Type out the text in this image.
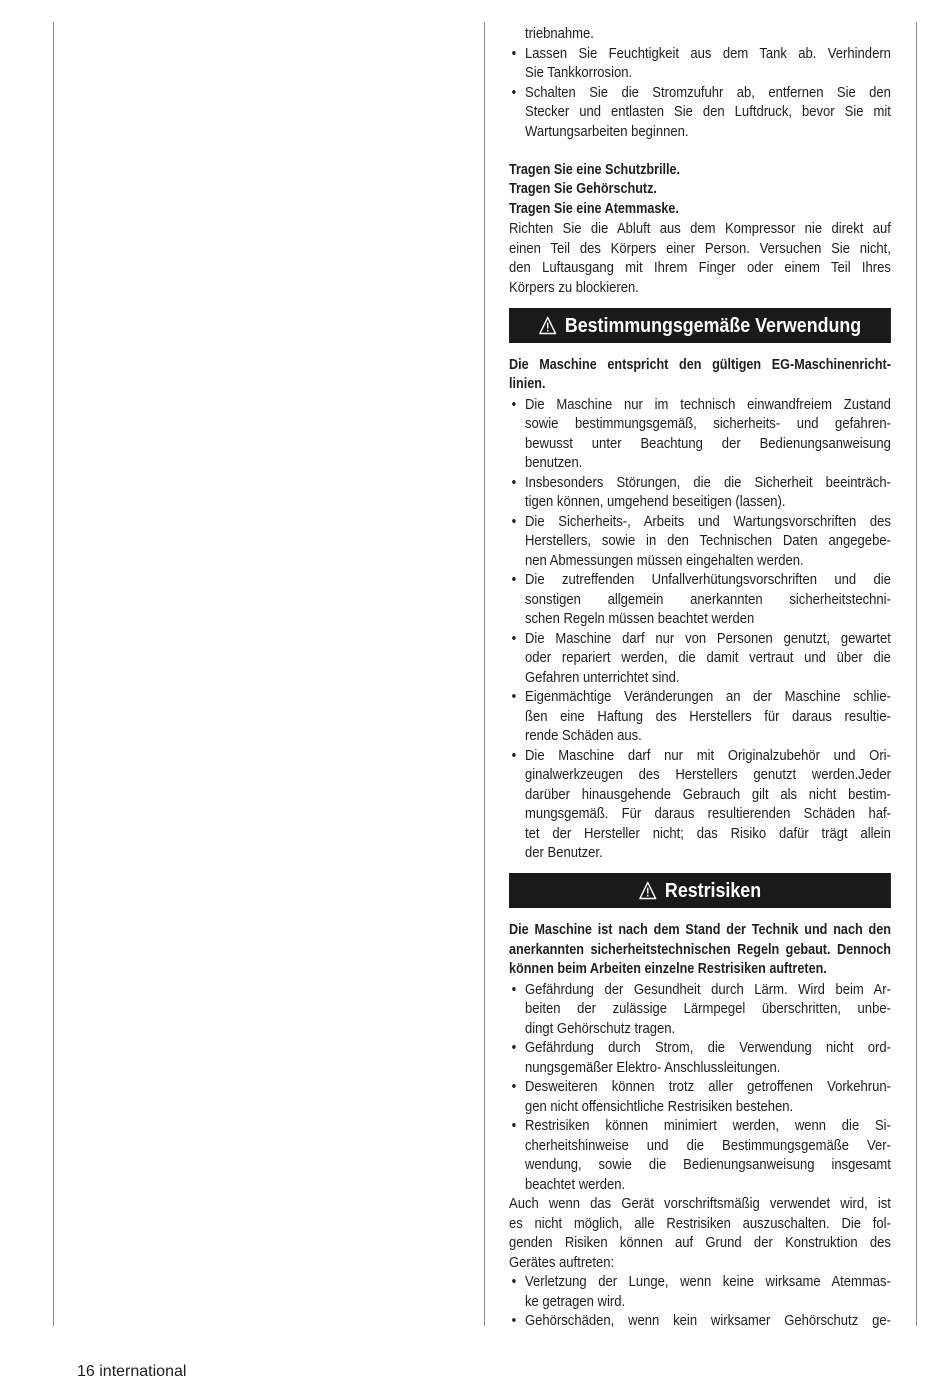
triebnahme.
• Lassen Sie Feuchtigkeit aus dem Tank ab. Verhindern
Sie Tankkorrosion.
• Schalten Sie die Stromzufuhr ab, entfernen Sie den
Stecker und entlasten Sie den Luftdruck, bevor Sie mit
Wartungsarbeiten beginnen.
Tragen Sie eine Schutzbrille.
Tragen Sie Gehörschutz.
Tragen Sie eine Atemmaske.
Richten Sie die Abluft aus dem Kompressor nie direkt auf
einen Teil des Körpers einer Person. Versuchen Sie nicht,
den Luftausgang mit Ihrem Finger oder einem Teil Ihres
Körpers zu blockieren.
Bestimmungsgemäße Verwendung
Die Maschine entspricht den gültigen EG-Maschinenricht-
linien.
• Die Maschine nur im technisch einwandfreiem Zustand
sowie bestimmungsgemäß, sicherheits- und gefahren-
bewusst unter Beachtung der Bedienungsanweisung
benutzen.
• Insbesonders Störungen, die die Sicherheit beeinträch-
tigen können, umgehend beseitigen (lassen).
• Die Sicherheits-, Arbeits und Wartungsvorschriften des
Herstellers, sowie in den Technischen Daten angegebe-
nen Abmessungen müssen eingehalten werden.
• Die zutreffenden Unfallverhütungsvorschriften und die
sonstigen allgemein anerkannten sicherheitstechni-
schen Regeln müssen beachtet werden
• Die Maschine darf nur von Personen genutzt, gewartet
oder repariert werden, die damit vertraut und über die
Gefahren unterrichtet sind.
• Eigenmächtige Veränderungen an der Maschine schlie-
ßen eine Haftung des Herstellers für daraus resultie-
rende Schäden aus.
• Die Maschine darf nur mit Originalzubehör und Ori-
ginalwerkzeugen des Herstellers genutzt werden.Jeder
darüber hinausgehende Gebrauch gilt als nicht bestim-
mungsgemäß. Für daraus resultierenden Schäden haf-
tet der Hersteller nicht; das Risiko dafür trägt allein
der Benutzer.
Restrisiken
Die Maschine ist nach dem Stand der Technik und nach den
anerkannten sicherheitstechnischen Regeln gebaut. Dennoch
können beim Arbeiten einzelne Restrisiken auftreten.
• Gefährdung der Gesundheit durch Lärm. Wird beim Ar-
beiten der zulässige Lärmpegel überschritten, unbe-
dingt Gehörschutz tragen.
• Gefährdung durch Strom, die Verwendung nicht ord-
nungsgemäßer Elektro- Anschlussleitungen.
• Desweiteren können trotz aller getroffenen Vorkehrun-
gen nicht offensichtliche Restrisiken bestehen.
• Restrisiken können minimiert werden, wenn die Si-
cherheitshinweise und die Bestimmungsgemäße Ver-
wendung, sowie die Bedienungsanweisung insgesamt
beachtet werden.
Auch wenn das Gerät vorschriftsmäßig verwendet wird, ist
es nicht möglich, alle Restrisiken auszuschalten. Die fol-
genden Risiken können auf Grund der Konstruktion des
Gerätes auftreten:
• Verletzung der Lunge, wenn keine wirksame Atemmas-
ke getragen wird.
• Gehörschäden, wenn kein wirksamer Gehörschutz ge-
16 international
